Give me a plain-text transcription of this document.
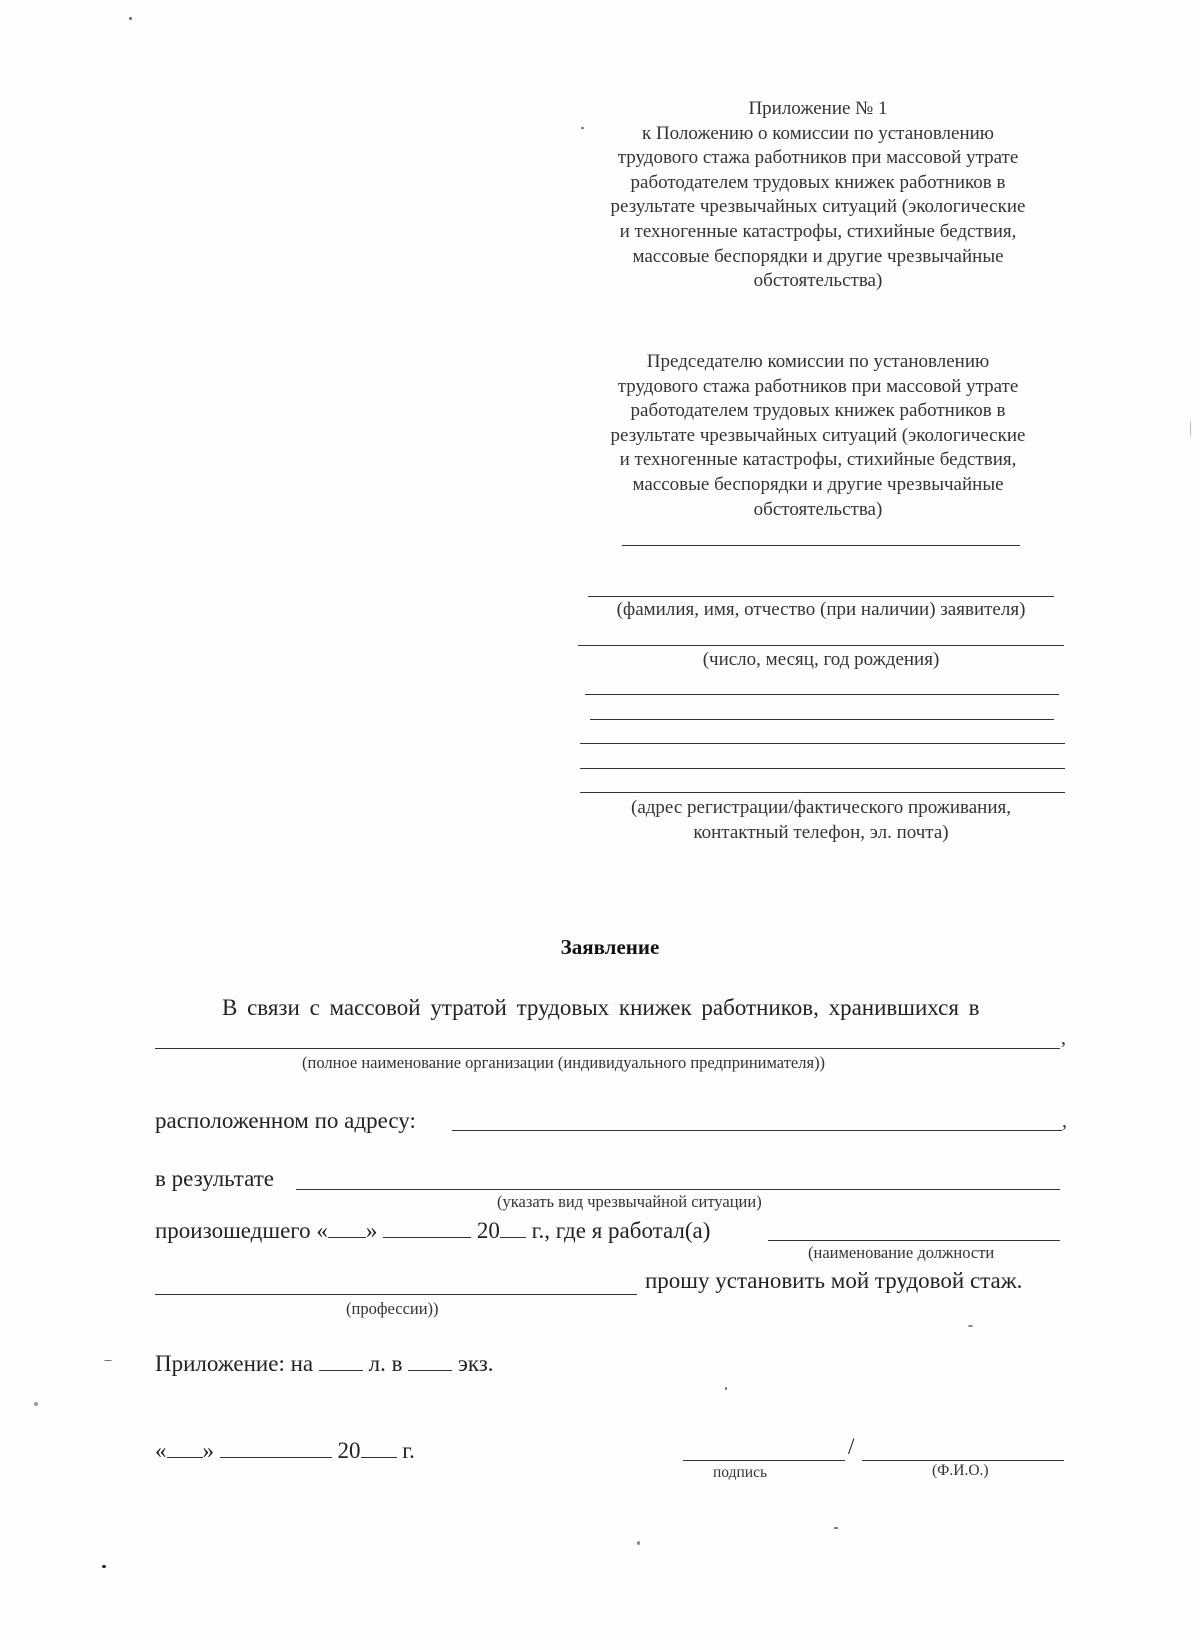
Приложение № 1

к Положению о комиссии по установлению

трудового стажа работников при массовой утрате

работодателем трудовых книжек работников в

результате чрезвычайных ситуаций (экологические

и техногенные катастрофы, стихийные бедствия,

массовые беспорядки и другие чрезвычайные

обстоятельства)

Председателю комиссии по установлению

трудового стажа работников при массовой утрате

работодателем трудовых книжек работников в

результате чрезвычайных ситуаций (экологические

и техногенные катастрофы, стихийные бедствия,

массовые беспорядки и другие чрезвычайные

обстоятельства)

(фамилия, имя, отчество (при наличии) заявителя)
(число, месяц, год рождения)
(адрес регистрации/фактического проживания,
контактный телефон, эл. почта)
Заявление
В связи с массовой утратой трудовых книжек работников, хранившихся в
,
(полное наименование организации (индивидуального предпринимателя))
расположенном по адресу:	,
в результате
(указать вид чрезвычайной ситуации)
произошедшего « »	20 г., где я работал(а)
(наименование должности
прошу установить мой трудовой стаж.
(профессии))
Приложение: на л. в экз.
« »	20 г.	/
подпись	(Ф.И.О.)
